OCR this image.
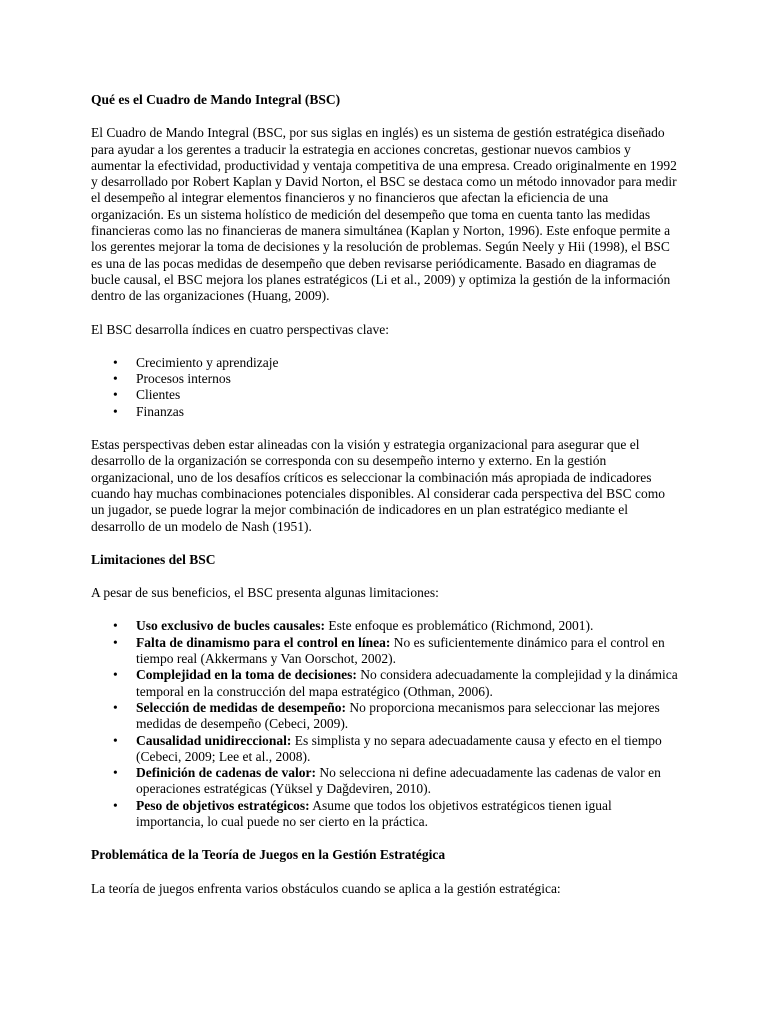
Qué es el Cuadro de Mando Integral (BSC)

El Cuadro de Mando Integral (BSC, por sus siglas en inglés) es un sistema de gestión estratégica diseñado para ayudar a los gerentes a traducir la estrategia en acciones concretas, gestionar nuevos cambios y aumentar la efectividad, productividad y ventaja competitiva de una empresa. Creado originalmente en 1992 y desarrollado por Robert Kaplan y David Norton, el BSC se destaca como un método innovador para medir el desempeño al integrar elementos financieros y no financieros que afectan la eficiencia de una organización. Es un sistema holístico de medición del desempeño que toma en cuenta tanto las medidas financieras como las no financieras de manera simultánea (Kaplan y Norton, 1996). Este enfoque permite a los gerentes mejorar la toma de decisiones y la resolución de problemas. Según Neely y Hii (1998), el BSC es una de las pocas medidas de desempeño que deben revisarse periódicamente. Basado en diagramas de bucle causal, el BSC mejora los planes estratégicos (Li et al., 2009) y optimiza la gestión de la información dentro de las organizaciones (Huang, 2009).

El BSC desarrolla índices en cuatro perspectivas clave:

• Crecimiento y aprendizaje
• Procesos internos
• Clientes
• Finanzas

Estas perspectivas deben estar alineadas con la visión y estrategia organizacional para asegurar que el desarrollo de la organización se corresponda con su desempeño interno y externo. En la gestión organizacional, uno de los desafíos críticos es seleccionar la combinación más apropiada de indicadores cuando hay muchas combinaciones potenciales disponibles. Al considerar cada perspectiva del BSC como un jugador, se puede lograr la mejor combinación de indicadores en un plan estratégico mediante el desarrollo de un modelo de Nash (1951).

Limitaciones del BSC

A pesar de sus beneficios, el BSC presenta algunas limitaciones:

• Uso exclusivo de bucles causales: Este enfoque es problemático (Richmond, 2001).
• Falta de dinamismo para el control en línea: No es suficientemente dinámico para el control en tiempo real (Akkermans y Van Oorschot, 2002).
• Complejidad en la toma de decisiones: No considera adecuadamente la complejidad y la dinámica temporal en la construcción del mapa estratégico (Othman, 2006).
• Selección de medidas de desempeño: No proporciona mecanismos para seleccionar las mejores medidas de desempeño (Cebeci, 2009).
• Causalidad unidireccional: Es simplista y no separa adecuadamente causa y efecto en el tiempo (Cebeci, 2009; Lee et al., 2008).
• Definición de cadenas de valor: No selecciona ni define adecuadamente las cadenas de valor en operaciones estratégicas (Yüksel y Dağdeviren, 2010).
• Peso de objetivos estratégicos: Asume que todos los objetivos estratégicos tienen igual importancia, lo cual puede no ser cierto en la práctica.
Problemática de la Teoría de Juegos en la Gestión Estratégica

La teoría de juegos enfrenta varios obstáculos cuando se aplica a la gestión estratégica:
